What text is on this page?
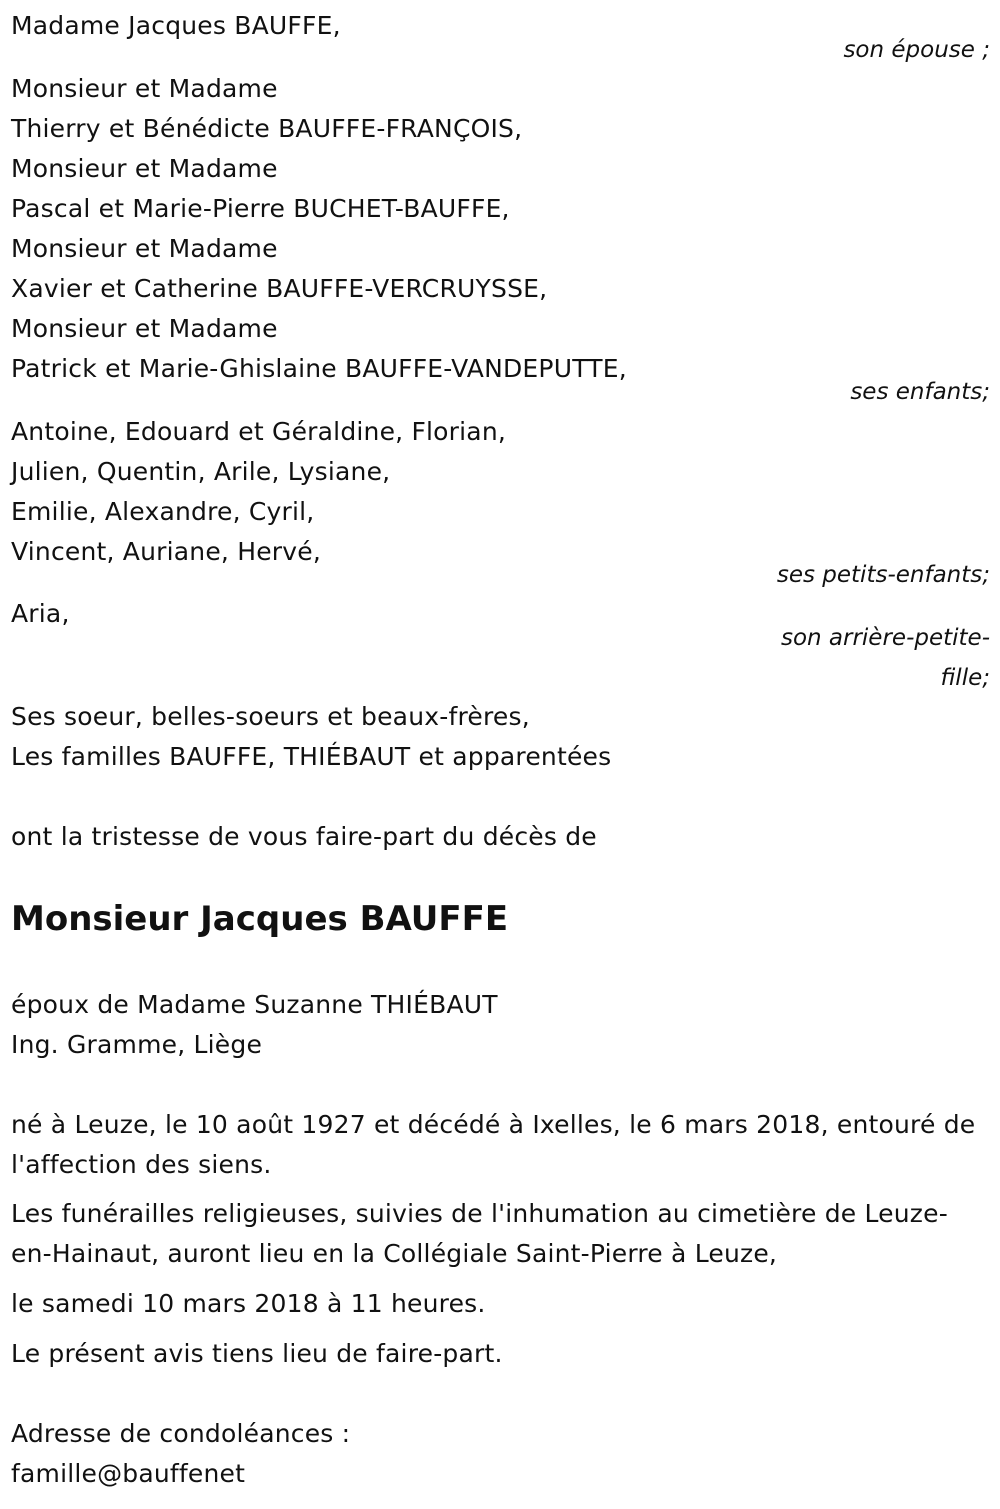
Madame Jacques BAUFFE,
son épouse ;
Monsieur et Madame
Thierry et Bénédicte BAUFFE-FRANÇOIS,
Monsieur et Madame
Pascal et Marie-Pierre BUCHET-BAUFFE,
Monsieur et Madame
Xavier et Catherine BAUFFE-VERCRUYSSE,
Monsieur et Madame
Patrick et Marie-Ghislaine BAUFFE-VANDEPUTTE,
ses enfants;
Antoine, Edouard et Géraldine, Florian,
Julien, Quentin, Arile, Lysiane,
Emilie, Alexandre, Cyril,
Vincent, Auriane, Hervé,
ses petits-enfants;
Aria,
son arrière-petite-
fille;
Ses soeur, belles-soeurs et beaux-frères,
Les familles BAUFFE, THIÉBAUT et apparentées
ont la tristesse de vous faire-part du décès de
Monsieur Jacques BAUFFE
époux de Madame Suzanne THIÉBAUT
Ing. Gramme, Liège
né à Leuze, le 10 août 1927 et décédé à Ixelles, le 6 mars 2018, entouré de
l'affection des siens.
Les funérailles religieuses, suivies de l'inhumation au cimetière de Leuze-
en-Hainaut, auront lieu en la Collégiale Saint-Pierre à Leuze,
le samedi 10 mars 2018 à 11 heures.
Le présent avis tiens lieu de faire-part.
Adresse de condoléances :
famille@bauffenet
